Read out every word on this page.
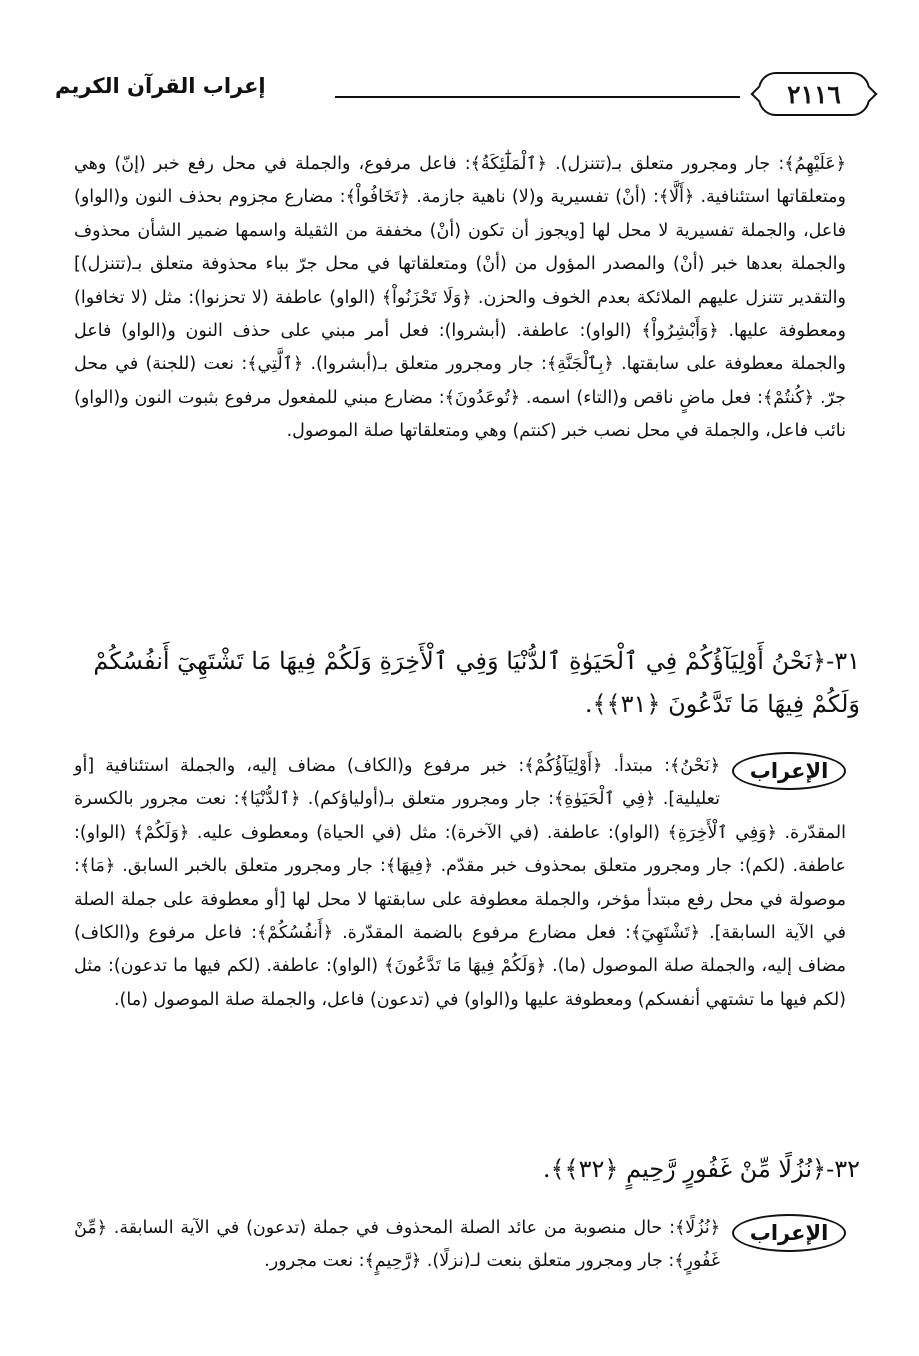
٢١١٦
إعراب القرآن الكريم

﴿عَلَيْهِمُ﴾: جار ومجرور متعلق بـ(تتنزل). ﴿ٱلْمَلَٰٓئِكَةُ﴾: فاعل مرفوع، والجملة في محل رفع خبر (إنّ) وهي ومتعلقاتها استئنافية. ﴿أَلَّا﴾: (أنْ) تفسيرية و(لا) ناهية جازمة. ﴿تَخَافُواْ﴾: مضارع مجزوم بحذف النون و(الواو) فاعل، والجملة تفسيرية لا محل لها [ويجوز أن تكون (أنْ) مخففة من الثقيلة واسمها ضمير الشأن محذوف والجملة بعدها خبر (أنْ) والمصدر المؤول من (أنْ) ومتعلقاتها في محل جرّ بباء محذوفة متعلق بـ(تتنزل)] والتقدير تتنزل عليهم الملائكة بعدم الخوف والحزن. ﴿وَلَا تَحْزَنُواْ﴾ (الواو) عاطفة (لا تحزنوا): مثل (لا تخافوا) ومعطوفة عليها. ﴿وَأَبْشِرُواْ﴾ (الواو): عاطفة. (أبشروا): فعل أمر مبني على حذف النون و(الواو) فاعل والجملة معطوفة على سابقتها. ﴿بِٱلْجَنَّةِ﴾: جار ومجرور متعلق بـ(أبشروا). ﴿ٱلَّتِي﴾: نعت (للجنة) في محل جرّ. ﴿كُنتُمْ﴾: فعل ماضٍ ناقص و(التاء) اسمه. ﴿تُوعَدُونَ﴾: مضارع مبني للمفعول مرفوع بثبوت النون و(الواو) نائب فاعل، والجملة في محل نصب خبر (كنتم) وهي ومتعلقاتها صلة الموصول.

٣١-﴿نَحْنُ أَوْلِيَآؤُكُمْ فِي ٱلْحَيَوٰةِ ٱلدُّنْيَا وَفِي ٱلْأَخِرَةِ وَلَكُمْ فِيهَا مَا تَشْتَهِيٓ أَنفُسُكُمْ وَلَكُمْ فِيهَا مَا تَدَّعُونَ ﴿٣١﴾﴾.

الإعراب
﴿نَحْنُ﴾: مبتدأ. ﴿أَوْلِيَآؤُكُمْ﴾: خبر مرفوع و(الكاف) مضاف إليه، والجملة استئنافية [أو تعليلية]. ﴿فِي ٱلْحَيَوٰةِ﴾: جار ومجرور متعلق بـ(أولياؤكم). ﴿ٱلدُّنْيَا﴾: نعت مجرور بالكسرة المقدّرة. ﴿وَفِي ٱلْأَخِرَةِ﴾ (الواو): عاطفة. (في الآخرة): مثل (في الحياة) ومعطوف عليه. ﴿وَلَكُمْ﴾ (الواو): عاطفة. (لكم): جار ومجرور متعلق بمحذوف خبر مقدّم. ﴿فِيهَا﴾: جار ومجرور متعلق بالخبر السابق. ﴿مَا﴾: موصولة في محل رفع مبتدأ مؤخر، والجملة معطوفة على سابقتها لا محل لها [أو معطوفة على جملة الصلة في الآية السابقة]. ﴿تَشْتَهِيٓ﴾: فعل مضارع مرفوع بالضمة المقدّرة. ﴿أَنفُسُكُمْ﴾: فاعل مرفوع و(الكاف) مضاف إليه، والجملة صلة الموصول (ما). ﴿وَلَكُمْ فِيهَا مَا تَدَّعُونَ﴾ (الواو): عاطفة. (لكم فيها ما تدعون): مثل (لكم فيها ما تشتهي أنفسكم) ومعطوفة عليها و(الواو) في (تدعون) فاعل، والجملة صلة الموصول (ما).

٣٢-﴿نُزُلًا مِّنْ غَفُورٍ رَّحِيمٍ ﴿٣٢﴾﴾.

الإعراب
﴿نُزُلًا﴾: حال منصوبة من عائد الصلة المحذوف في جملة (تدعون) في الآية السابقة. ﴿مِّنْ غَفُورٍ﴾: جار ومجرور متعلق بنعت لـ(نزلًا). ﴿رَّحِيمٍ﴾: نعت مجرور.
